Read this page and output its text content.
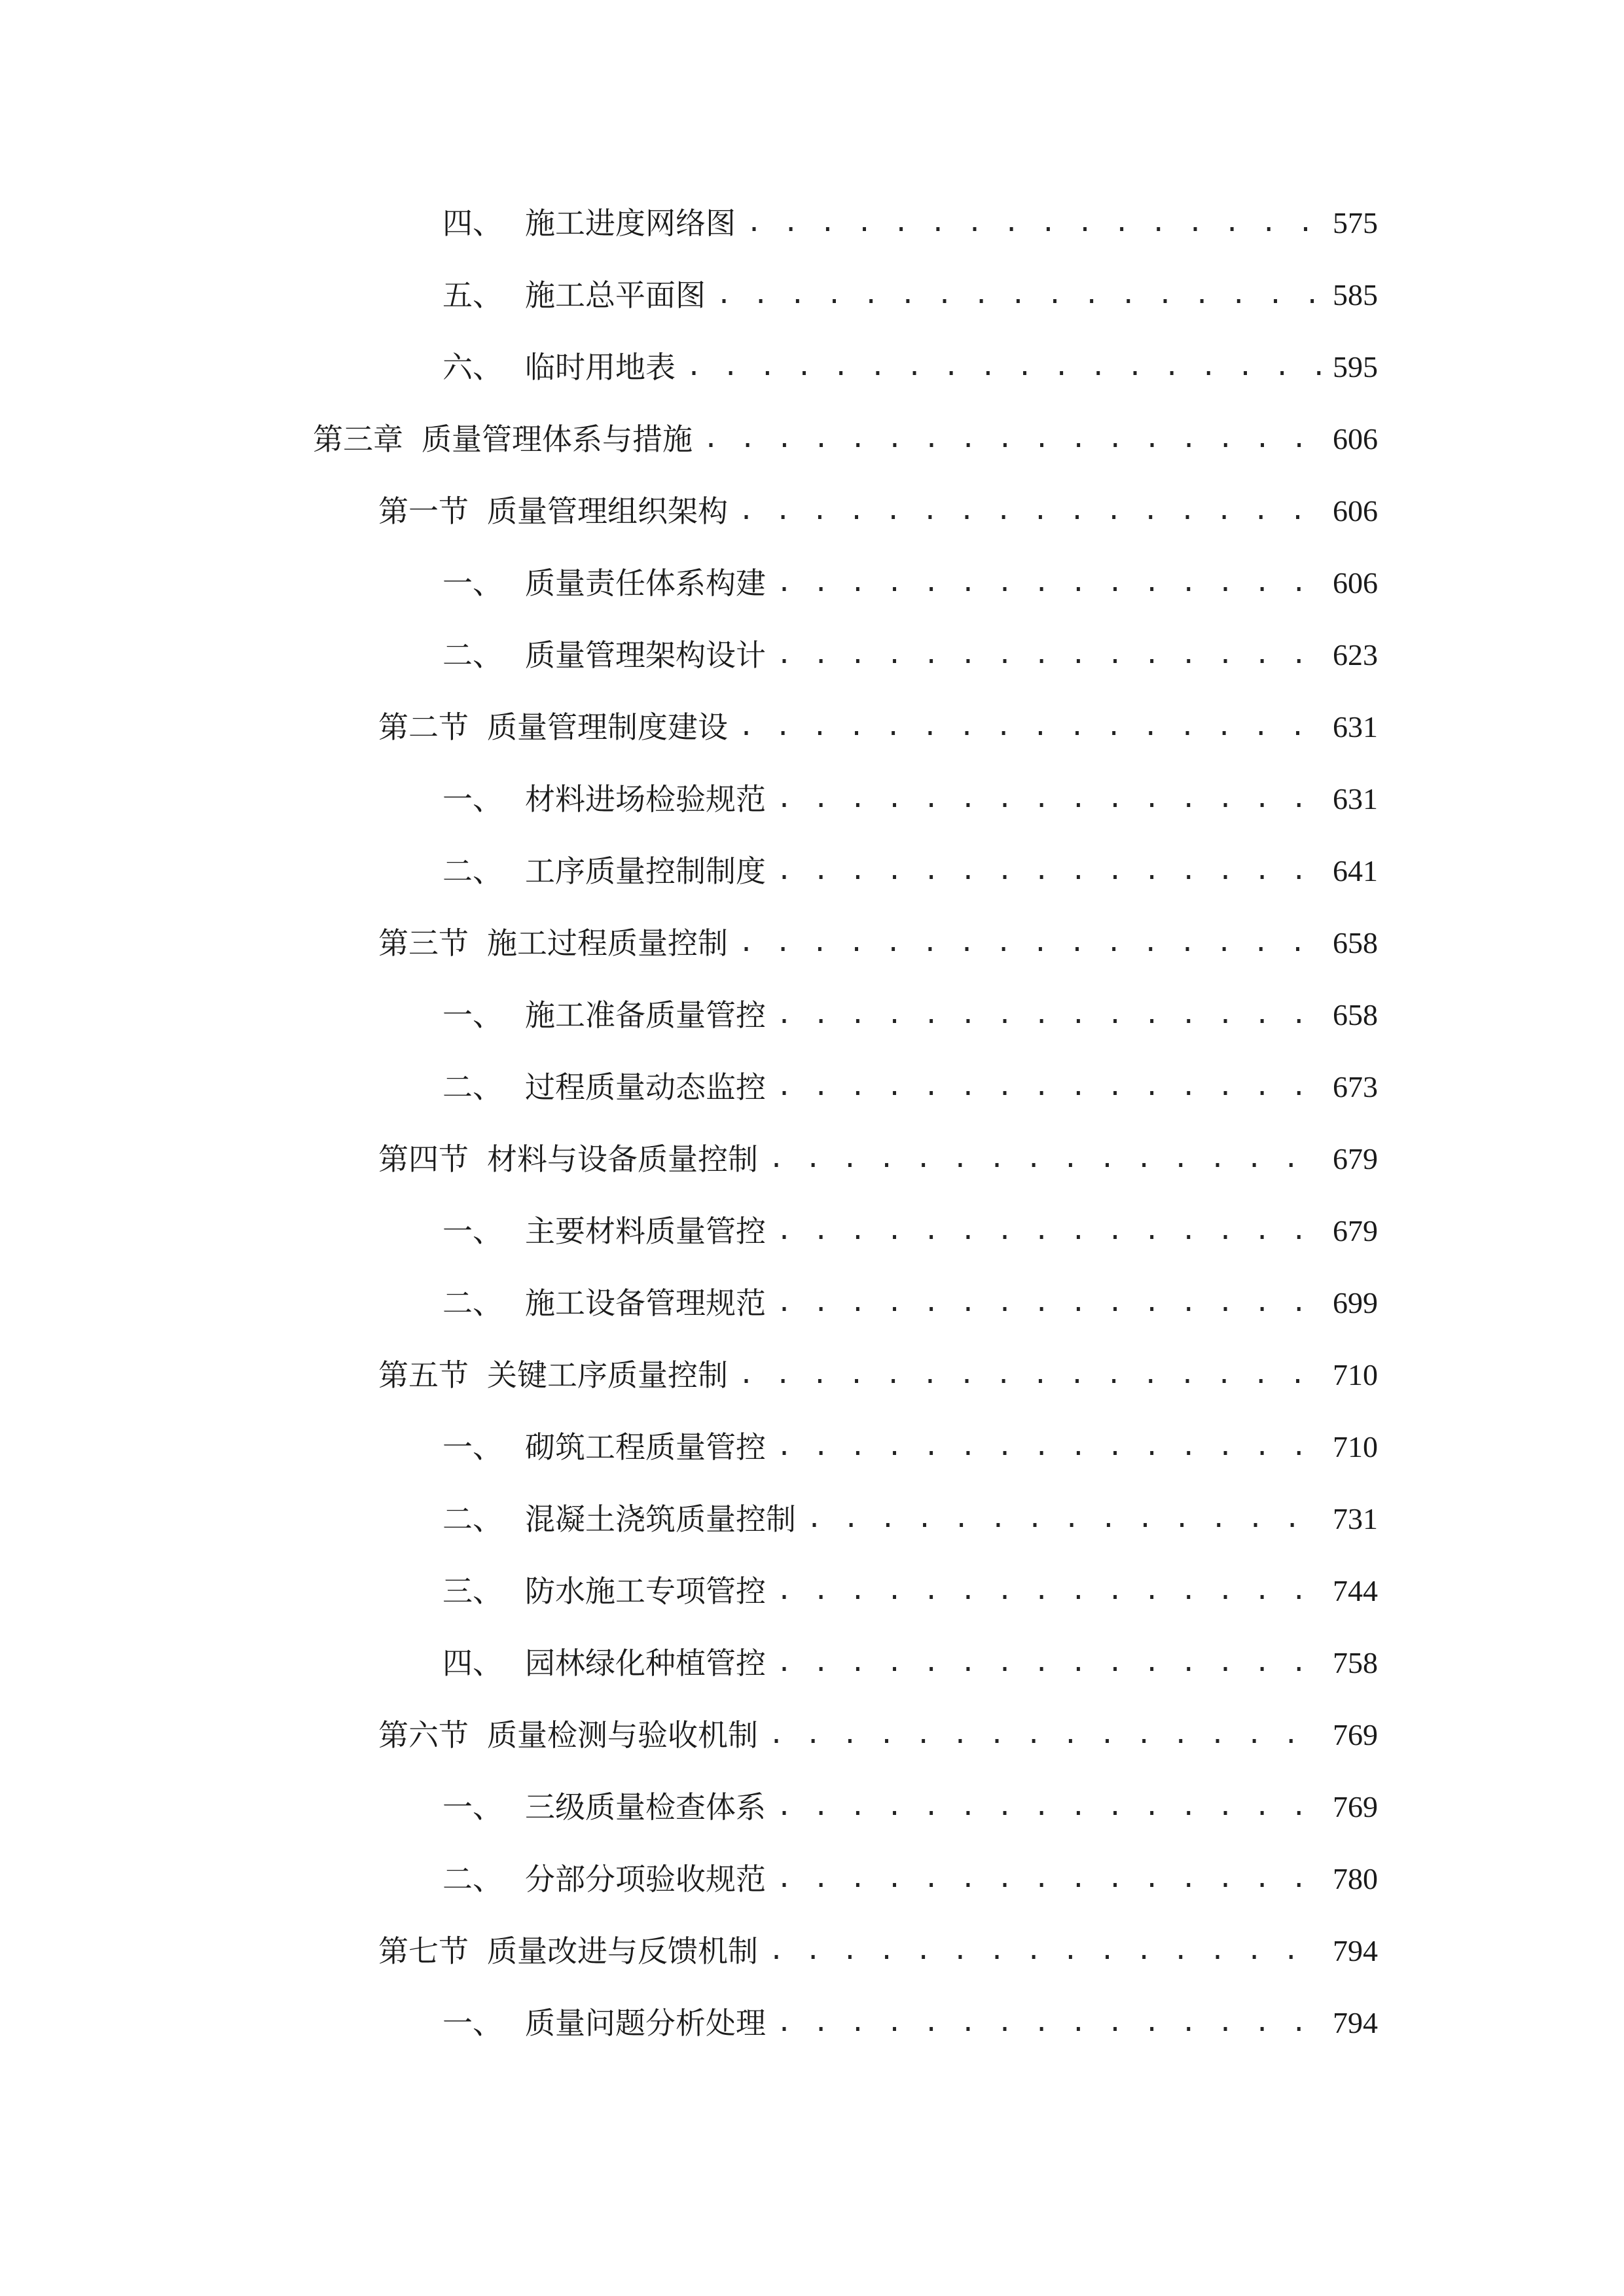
四、 施工进度网络图 . . .	575
五、 施工总平面图 . . .	585
六、 临时用地表 . . .	595
第三章 质量管理体系与措施 . . .	606
第一节 质量管理组织架构 . . .	606
一、 质量责任体系构建 . . .	606
二、 质量管理架构设计 . . .	623
第二节 质量管理制度建设 . . .	631
一、 材料进场检验规范 . . .	631
二、 工序质量控制制度 . . .	641
第三节 施工过程质量控制 . . .	658
一、 施工准备质量管控 . . .	658
二、 过程质量动态监控 . . .	673
第四节 材料与设备质量控制 . . .	679
一、 主要材料质量管控 . . .	679
二、 施工设备管理规范 . . .	699
第五节 关键工序质量控制 . . .	710
一、 砌筑工程质量管控 . . .	710
二、 混凝土浇筑质量控制 . . .	731
三、 防水施工专项管控 . . .	744
四、 园林绿化种植管控 . . .	758
第六节 质量检测与验收机制 . . .	769
一、 三级质量检查体系 . . .	769
二、 分部分项验收规范 . . .	780
第七节 质量改进与反馈机制 . . .	794
一、 质量问题分析处理 . . .	794
